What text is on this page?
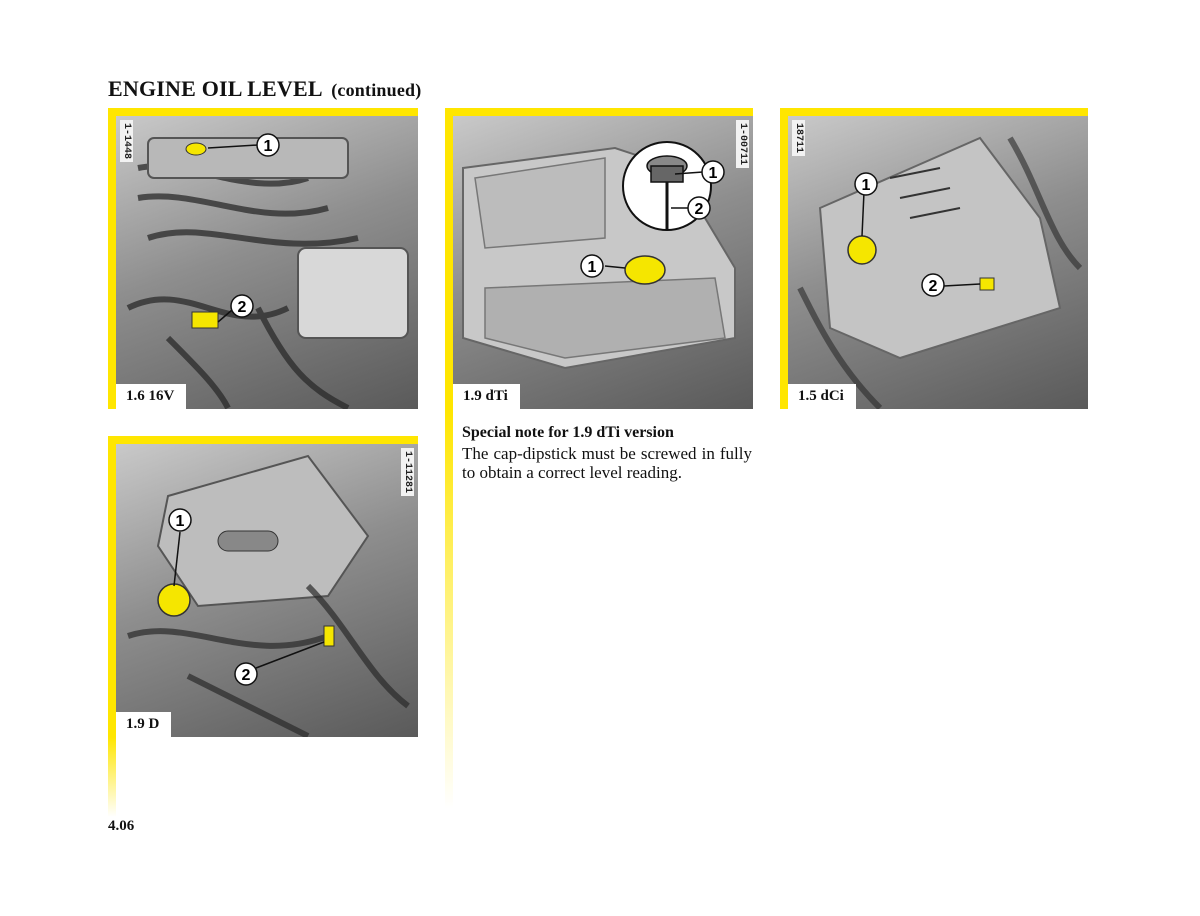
ENGINE OIL LEVEL (continued)
1
2
1-1448
1.6 16V
1
1
2
1-00711
1.9 dTi
1
2
18711
1.5 dCi
1
2
1-11281
1.9 D
Special note for 1.9 dTi version

The cap-dipstick must be screwed in fully to obtain a correct level reading.

4.06
